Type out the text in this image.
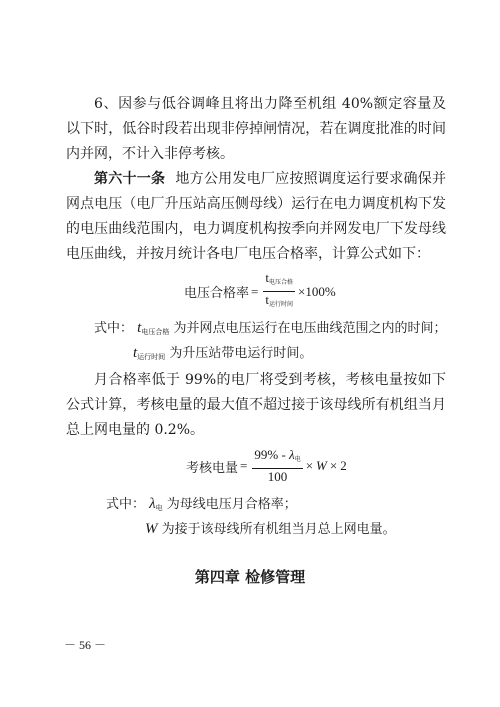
6、因参与低谷调峰且将出力降至机组 40%额定容量及以下时，低谷时段若出现非停掉闸情况，若在调度批准的时间内并网，不计入非停考核。

第六十一条 地方公用发电厂应按照调度运行要求确保并网点电压（电厂升压站高压侧母线）运行在电力调度机构下发的电压曲线范围内，电力调度机构按季向并网发电厂下发母线电压曲线，并按月统计各电厂电压合格率，计算公式如下：

电压合格率 = $\frac{\text{t电压合格}}{\text{t运行时间}} \times 100\%$
式中： $t_{电压合格}$ 为并网点电压运行在电压曲线范围之内的时间；
$t_{运行时间}$ 为升压站带电运行时间。

月合格率低于 99%的电厂将受到考核，考核电量按如下公式计算，考核电量的最大值不超过接于该母线所有机组当月总上网电量的 0.2%。

考核电量 = $\frac{\text{99\% - λ电}}{100} \times W \times 2$
式中： $\lambda_电$ 为母线电压月合格率；
W 为接于该母线所有机组当月总上网电量。
第四章 检修管理
－ 56 －
